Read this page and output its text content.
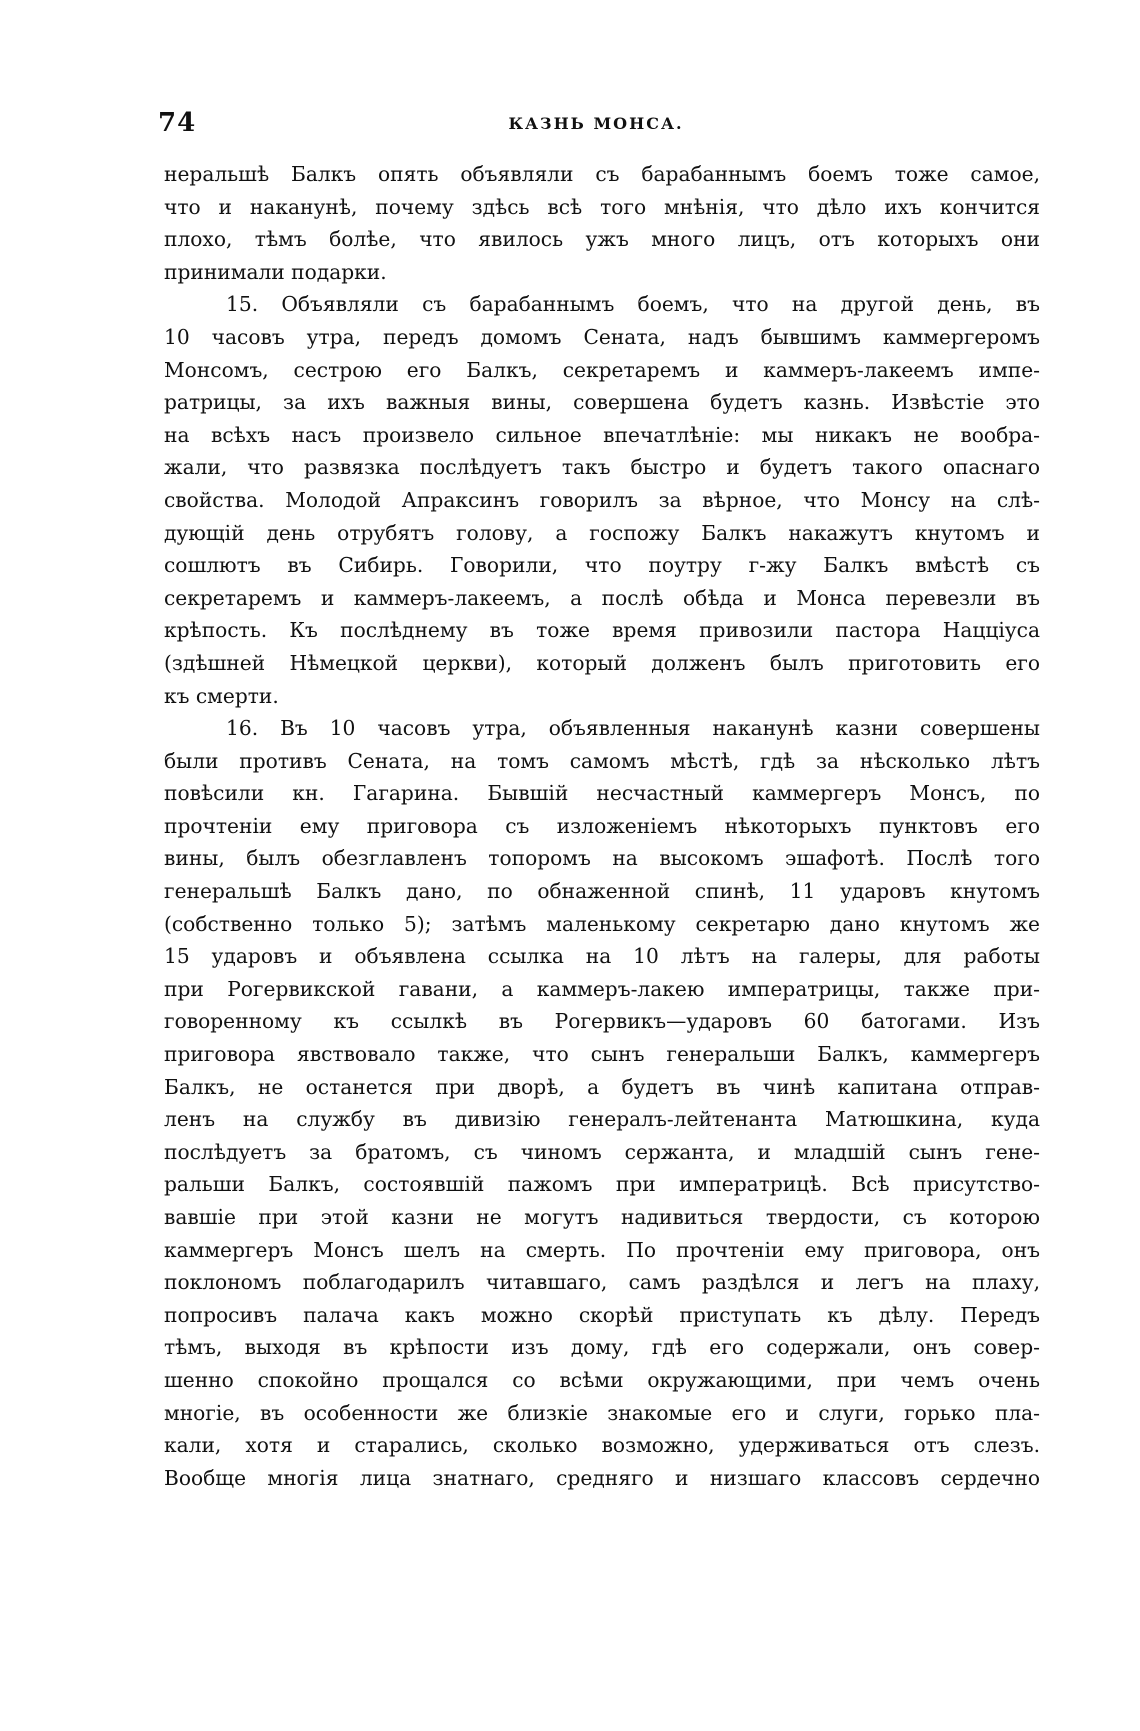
74	КАЗНЬ МОНСА.
неральшѣ Балкъ опять объявляли съ барабаннымъ боемъ тоже самое,
что и наканунѣ, почему здѣсь всѣ того мнѣнія, что дѣло ихъ кончится
плохо, тѣмъ болѣе, что явилось ужъ много лицъ, отъ которыхъ они
принимали подарки.
15. Объявляли съ барабаннымъ боемъ, что на другой день, въ
10 часовъ утра, передъ домомъ Сената, надъ бывшимъ каммергеромъ
Монсомъ, сестрою его Балкъ, секретаремъ и каммеръ-лакеемъ импе-
ратрицы, за ихъ важныя вины, совершена будетъ казнь. Извѣстіе это
на всѣхъ насъ произвело сильное впечатлѣніе: мы никакъ не вообра-
жали, что развязка послѣдуетъ такъ быстро и будетъ такого опаснаго
свойства. Молодой Апраксинъ говорилъ за вѣрное, что Монсу на слѣ-
дующій день отрубятъ голову, а госпожу Балкъ накажутъ кнутомъ и
сошлютъ въ Сибирь. Говорили, что поутру г-жу Балкъ вмѣстѣ съ
секретаремъ и каммеръ-лакеемъ, а послѣ обѣда и Монса перевезли въ
крѣпость. Къ послѣднему въ тоже время привозили пастора Нацціуса
(здѣшней Нѣмецкой церкви), который долженъ былъ приготовить его
къ смерти.
16. Въ 10 часовъ утра, объявленныя наканунѣ казни совершены
были противъ Сената, на томъ самомъ мѣстѣ, гдѣ за нѣсколько лѣтъ
повѣсили кн. Гагарина. Бывшій несчастный каммергеръ Монсъ, по
прочтеніи ему приговора съ изложеніемъ нѣкоторыхъ пунктовъ его
вины, былъ обезглавленъ топоромъ на высокомъ эшафотѣ. Послѣ того
генеральшѣ Балкъ дано, по обнаженной спинѣ, 11 ударовъ кнутомъ
(собственно только 5); затѣмъ маленькому секретарю дано кнутомъ же
15 ударовъ и объявлена ссылка на 10 лѣтъ на галеры, для работы
при Рогервикской гавани, а каммеръ-лакею императрицы, также при-
говоренному къ ссылкѣ въ Рогервикъ—ударовъ 60 батогами. Изъ
приговора явствовало также, что сынъ генеральши Балкъ, каммергеръ
Балкъ, не останется при дворѣ, а будетъ въ чинѣ капитана отправ-
ленъ на службу въ дивизію генералъ-лейтенанта Матюшкина, куда
послѣдуетъ за братомъ, съ чиномъ сержанта, и младшій сынъ гене-
ральши Балкъ, состоявшій пажомъ при императрицѣ. Всѣ присутство-
вавшіе при этой казни не могутъ надивиться твердости, съ которою
каммергеръ Монсъ шелъ на смерть. По прочтеніи ему приговора, онъ
поклономъ поблагодарилъ читавшаго, самъ раздѣлся и легъ на плаху,
попросивъ палача какъ можно скорѣй приступать къ дѣлу. Передъ
тѣмъ, выходя въ крѣпости изъ дому, гдѣ его содержали, онъ совер-
шенно спокойно прощался со всѣми окружающими, при чемъ очень
многіе, въ особенности же близкіе знакомые его и слуги, горько пла-
кали, хотя и старались, сколько возможно, удерживаться отъ слезъ.
Вообще многія лица знатнаго, средняго и низшаго классовъ сердечно
